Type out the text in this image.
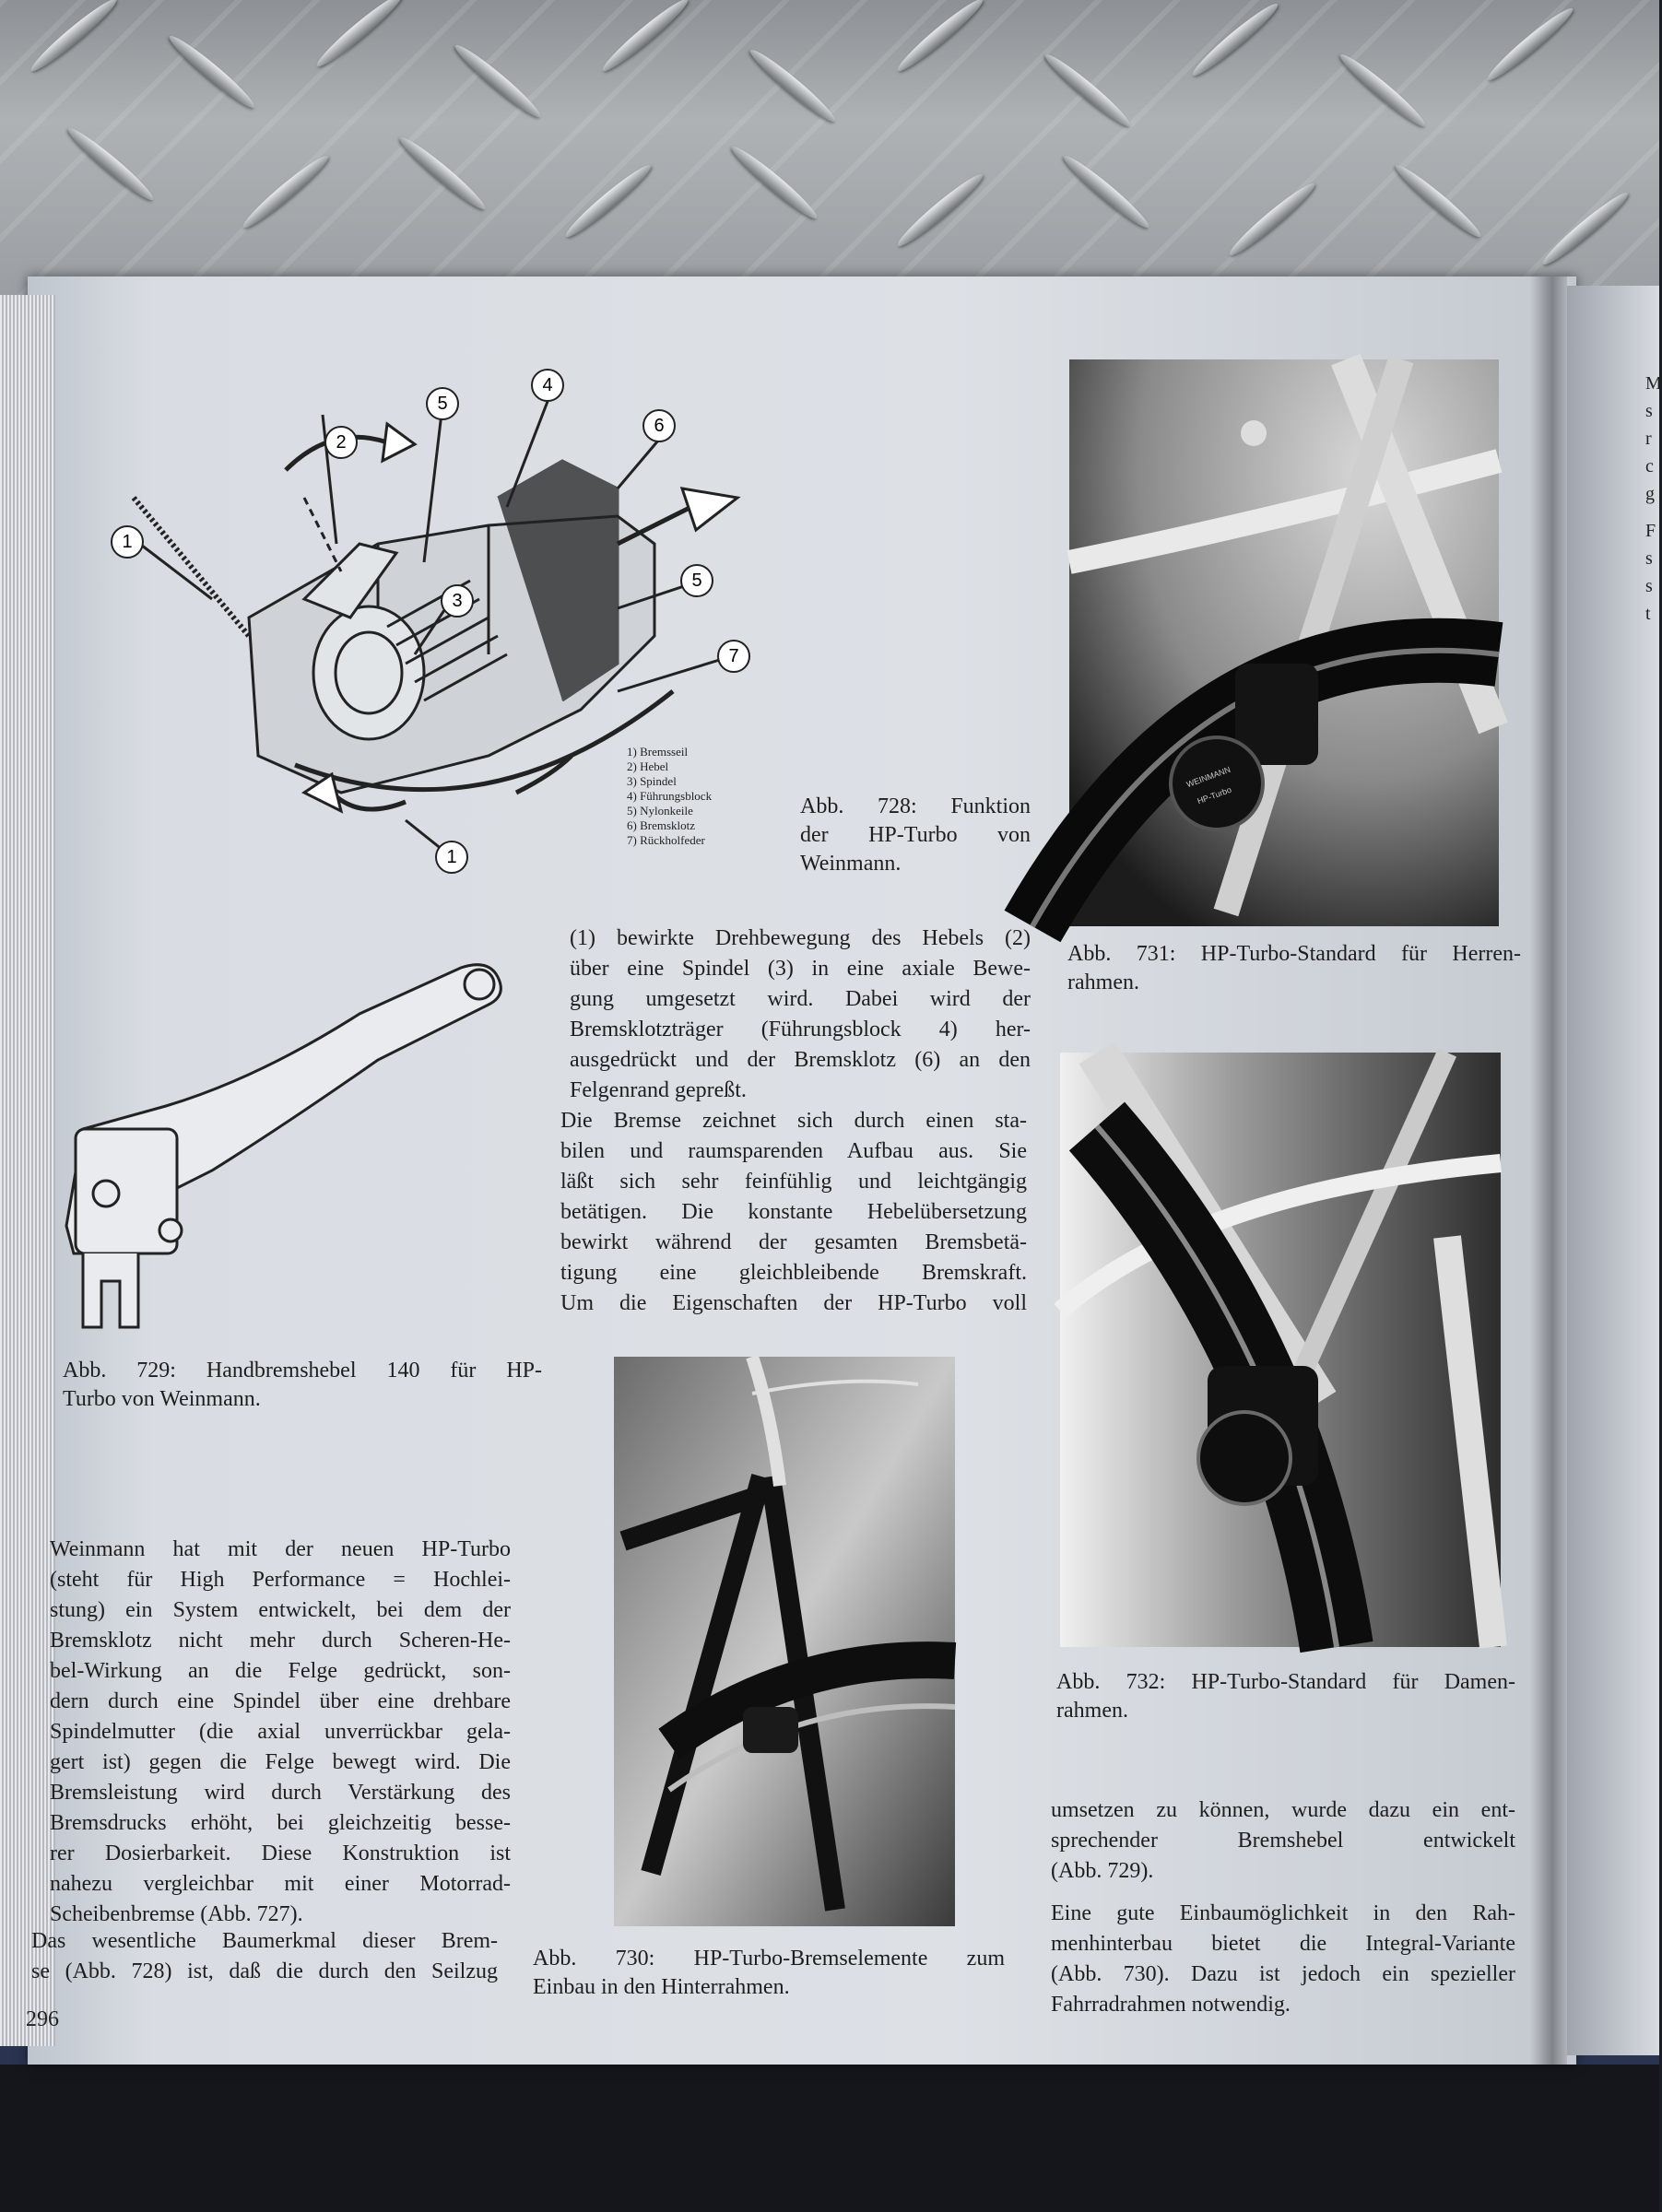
M
s
r
c
g
F
s
s
t
1
2
3
4
5
6
5
7
1
1) Bremsseil
2) Hebel
3) Spindel
4) Führungsblock
5) Nylonkeile
6) Bremsklotz
7) Rückholfeder
Abb. 728: Funktion
der HP-Turbo von
Weinmann.
Abb. 729: Handbremshebel 140 für HP-
Turbo von Weinmann.
(1) bewirkte Drehbewegung des Hebels (2)
über eine Spindel (3) in eine axiale Bewe-
gung umgesetzt wird. Dabei wird der
Bremsklotzträger (Führungsblock 4) her-
ausgedrückt und der Bremsklotz (6) an den
Felgenrand gepreßt.
Die Bremse zeichnet sich durch einen sta-
bilen und raumsparenden Aufbau aus. Sie
läßt sich sehr feinfühlig und leichtgängig
betätigen. Die konstante Hebelübersetzung
bewirkt während der gesamten Bremsbetä-
tigung eine gleichbleibende Bremskraft.
Um die Eigenschaften der HP-Turbo voll
Weinmann hat mit der neuen HP-Turbo
(steht für High Performance = Hochlei-
stung) ein System entwickelt, bei dem der
Bremsklotz nicht mehr durch Scheren-He-
bel-Wirkung an die Felge gedrückt, son-
dern durch eine Spindel über eine drehbare
Spindelmutter (die axial unverrückbar gela-
gert ist) gegen die Felge bewegt wird. Die
Bremsleistung wird durch Verstärkung des
Bremsdrucks erhöht, bei gleichzeitig besse-
rer Dosierbarkeit. Diese Konstruktion ist
nahezu vergleichbar mit einer Motorrad-
Scheibenbremse (Abb. 727).
Das wesentliche Baumerkmal dieser Brem-
se (Abb. 728) ist, daß die durch den Seilzug
296
Abb. 730: HP-Turbo-Bremselemente zum
Einbau in den Hinterrahmen.
WEINMANN
HP-Turbo
Abb. 731: HP-Turbo-Standard für Herren-
rahmen.
Abb. 732: HP-Turbo-Standard für Damen-
rahmen.
umsetzen zu können, wurde dazu ein ent-
sprechender Bremshebel entwickelt
(Abb. 729).
Eine gute Einbaumöglichkeit in den Rah-
menhinterbau bietet die Integral-Variante
(Abb. 730). Dazu ist jedoch ein spezieller
Fahrradrahmen notwendig.
